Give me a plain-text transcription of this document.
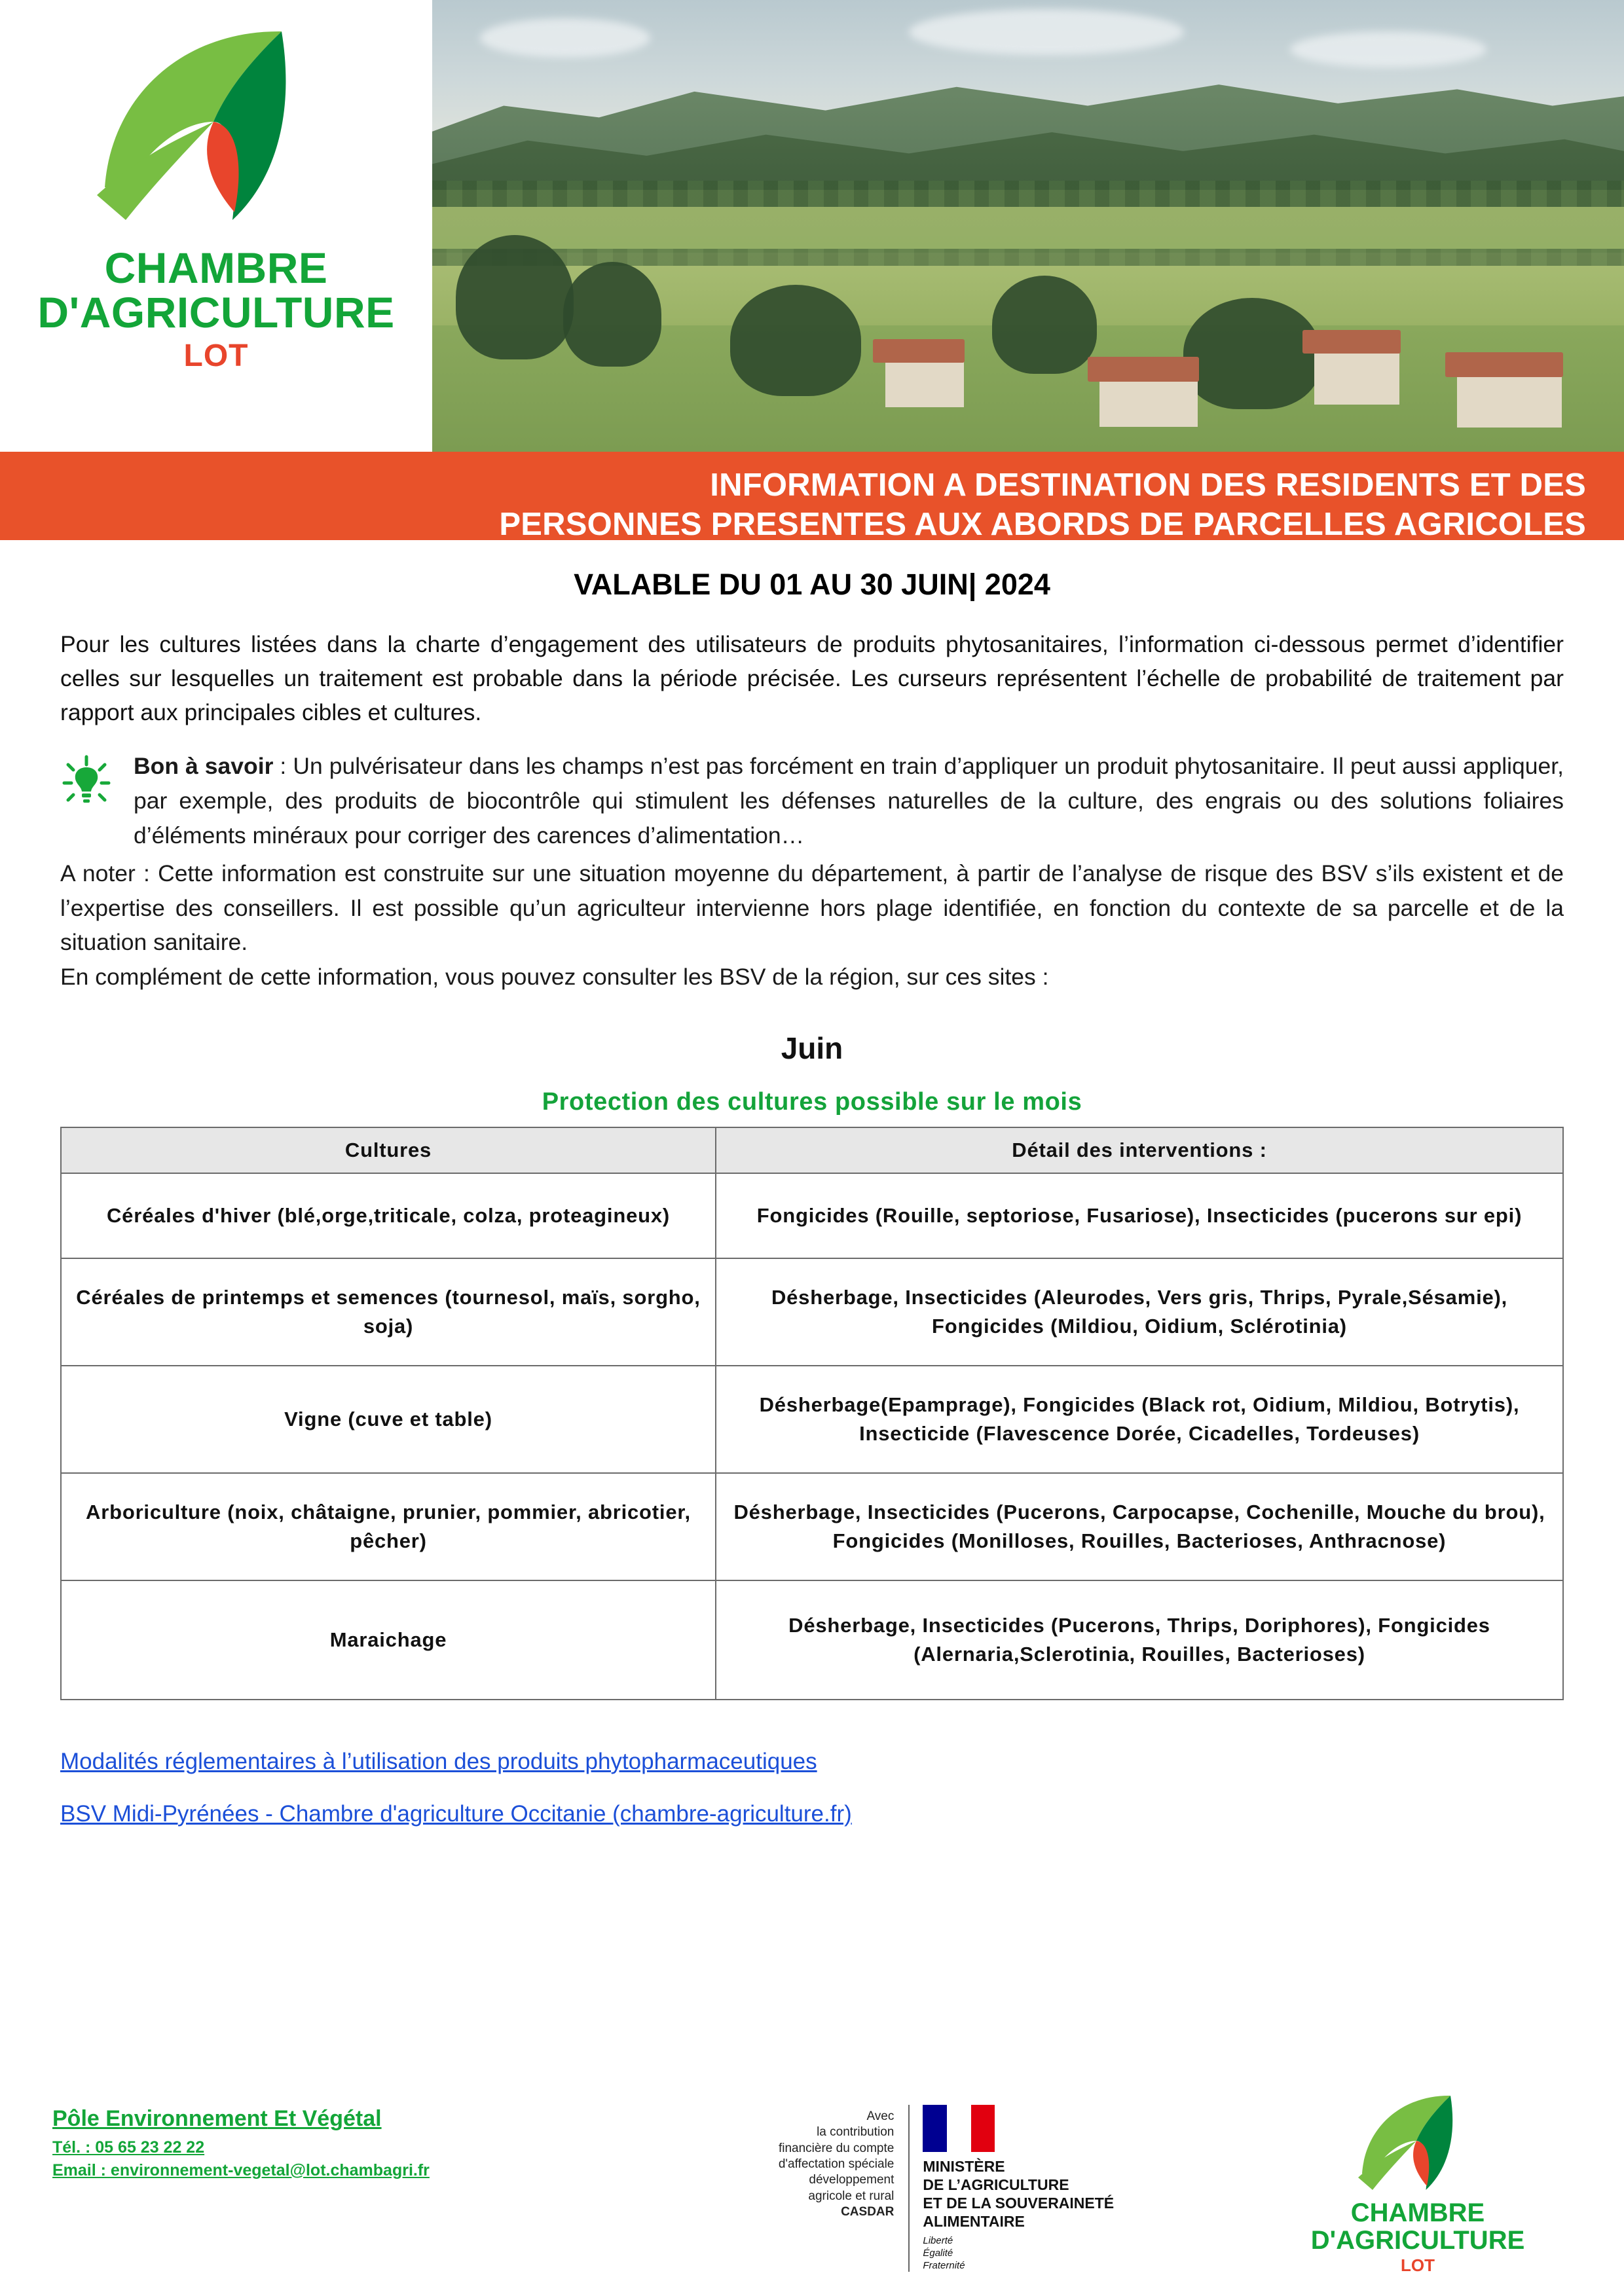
CHAMBRE
D'AGRICULTURE
LOT
INFORMATION A DESTINATION DES RESIDENTS ET DES
PERSONNES PRESENTES AUX ABORDS DE PARCELLES AGRICOLES
VALABLE DU 01 AU 30 JUIN| 2024

Pour les cultures listées dans la charte d’engagement des utilisateurs de produits phytosanitaires, l’information ci-dessous permet d’identifier celles sur lesquelles un traitement est probable dans la période précisée. Les curseurs représentent l’échelle de probabilité de traitement par rapport aux principales cibles et cultures.

Bon à savoir : Un pulvérisateur dans les champs n’est pas forcément en train d’appliquer un produit phytosanitaire. Il peut aussi appliquer, par exemple, des produits de biocontrôle qui stimulent les défenses naturelles de la culture, des engrais ou des solutions foliaires d’éléments minéraux pour corriger des carences d’alimentation…

A noter : Cette information est construite sur une situation moyenne du département, à partir de l’analyse de risque des BSV s’ils existent et de l’expertise des conseillers. Il est possible qu’un agriculteur intervienne hors plage identifiée, en fonction du contexte de sa parcelle et de la situation sanitaire.

En complément de cette information, vous pouvez consulter les BSV de la région, sur ces sites :

Juin
Protection des cultures possible sur le mois
Cultures	Détail des interventions :
Céréales d'hiver (blé,orge,triticale, colza, proteagineux)	Fongicides (Rouille, septoriose, Fusariose), Insecticides (pucerons sur epi)
Céréales de printemps et semences (tournesol, maïs, sorgho, soja)	Désherbage, Insecticides (Aleurodes, Vers gris, Thrips, Pyrale,Sésamie), Fongicides (Mildiou, Oidium, Sclérotinia)
Vigne (cuve et table)	Désherbage(Epamprage), Fongicides (Black rot, Oidium, Mildiou, Botrytis), Insecticide (Flavescence Dorée, Cicadelles, Tordeuses)
Arboriculture (noix, châtaigne, prunier, pommier, abricotier, pêcher)	Désherbage, Insecticides (Pucerons, Carpocapse, Cochenille, Mouche du brou), Fongicides (Monilloses, Rouilles, Bacterioses, Anthracnose)
Maraichage	Désherbage, Insecticides (Pucerons, Thrips, Doriphores), Fongicides (Alernaria,Sclerotinia, Rouilles, Bacterioses)
Modalités réglementaires à l’utilisation des produits phytopharmaceutiques
BSV Midi-Pyrénées - Chambre d'agriculture Occitanie (chambre-agriculture.fr)
Pôle Environnement Et Végétal
Tél. : 05 65 23 22 22
Email : environnement-vegetal@lot.chambagri.fr
Avec
la contribution
financière du compte
d'affectation spéciale
développement
agricole et rural
CASDAR
MINISTÈRE
DE L’AGRICULTURE
ET DE LA SOUVERAINETÉ
ALIMENTAIRE
Liberté
Égalité
Fraternité
CHAMBRE
D'AGRICULTURE
LOT
